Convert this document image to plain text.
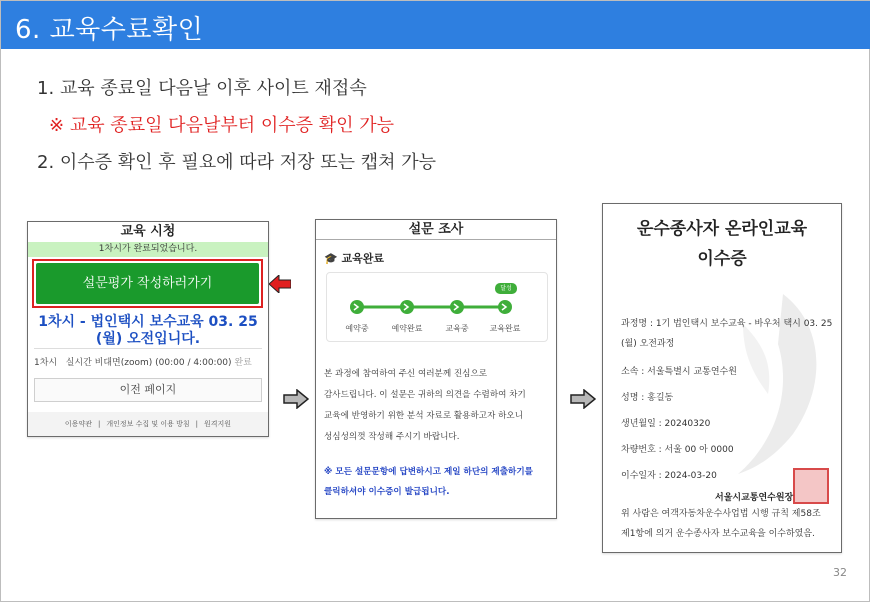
6. 교육수료확인
1. 교육 종료일 다음날 이후 사이트 재접속
※ 교육 종료일 다음날부터 이수증 확인 가능
2. 이수증 확인 후 필요에 따라 저장 또는 캡쳐 가능
교육 시청
1차시가 완료되었습니다.
설문평가 작성하러가기
1차시 - 법인택시 보수교육 03. 25
(월) 오전입니다.
1차시 실시간 비대면(zoom) (00:00 / 4:00:00) 완료
이전 페이지
이용약관 | 개인정보 수집 및 이용 방침 | 원격지원
설문 조사
🎓 교육완료
달성
예약중	예약완료	교육중	교육완료
본 과정에 참여하여 주신 여러분께 진심으로
감사드립니다. 이 설문은 귀하의 의견을 수렴하여 차기
교육에 반영하기 위한 분석 자료로 활용하고자 하오니
성심성의껏 작성해 주시기 바랍니다.
※ 모든 설문문항에 답변하시고 제일 하단의 제출하기를
클릭하셔야 이수증이 발급됩니다.
운수종사자 온라인교육
이수증
과정명 : 1기 법인택시 보수교육 - 바우처 택시 03. 25
(월) 오전과정
소속 : 서울특별시 교통연수원
성명 : 홍길동
생년월일 : 20240320
차량번호 : 서울 00 아 0000
이수일자 : 2024-03-20
서울시교통연수원장
위 사람은 여객자동차운수사업법 시행 규칙 제58조
제1항에 의거 운수종사자 보수교육을 이수하였음.
32
